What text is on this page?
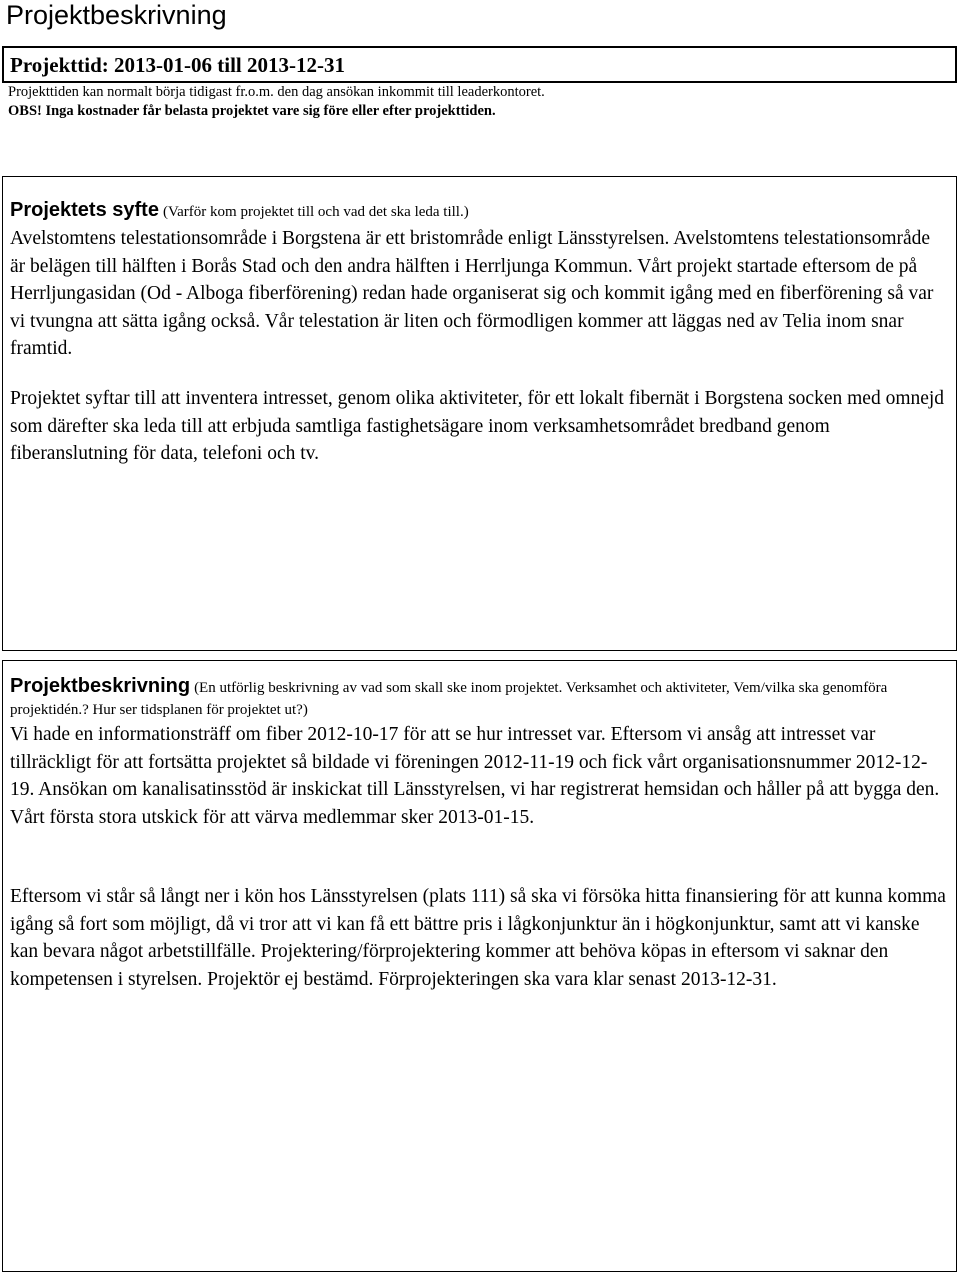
Projektbeskrivning
Projekttid: 2013-01-06 till 2013-12-31
Projekttiden kan normalt börja tidigast fr.o.m. den dag ansökan inkommit till leaderkontoret.
OBS! Inga kostnader får belasta projektet vare sig före eller efter projekttiden.
Projektets syfte (Varför kom projektet till och vad det ska leda till.)

Avelstomtens telestationsområde i Borgstena är ett bristområde enligt Länsstyrelsen. Avelstomtens telestationsområde är belägen till hälften i Borås Stad och den andra hälften i Herrljunga Kommun. Vårt projekt startade eftersom de på Herrljungasidan (Od - Alboga fiberförening) redan hade organiserat sig och kommit igång med en fiberförening så var vi tvungna att sätta igång också. Vår telestation är liten och förmodligen kommer att läggas ned av Telia inom snar framtid.

Projektet syftar till att inventera intresset, genom olika aktiviteter, för ett lokalt fibernät i Borgstena socken med omnejd som därefter ska leda till att erbjuda samtliga fastighetsägare inom verksamhetsområdet bredband genom fiberanslutning för data, telefoni och tv.

Projektbeskrivning (En utförlig beskrivning av vad som skall ske inom projektet. Verksamhet och aktiviteter, Vem/vilka ska genomföra projektidén.? Hur ser tidsplanen för projektet ut?)

Vi hade en informationsträff om fiber 2012-10-17 för att se hur intresset var. Eftersom vi ansåg att intresset var tillräckligt för att fortsätta projektet så bildade vi föreningen 2012-11-19 och fick vårt organisationsnummer 2012-12-19. Ansökan om kanalisatinsstöd är inskickat till Länsstyrelsen, vi har registrerat hemsidan och håller på att bygga den. Vårt första stora utskick för att värva medlemmar sker 2013-01-15.

Eftersom vi står så långt ner i kön hos Länsstyrelsen (plats 111) så ska vi försöka hitta finansiering för att kunna komma igång så fort som möjligt, då vi tror att vi kan få ett bättre pris i lågkonjunktur än i högkonjunktur, samt att vi kanske kan bevara något arbetstillfälle. Projektering/förprojektering kommer att behöva köpas in eftersom vi saknar den kompetensen i styrelsen. Projektör ej bestämd. Förprojekteringen ska vara klar senast 2013-12-31.
